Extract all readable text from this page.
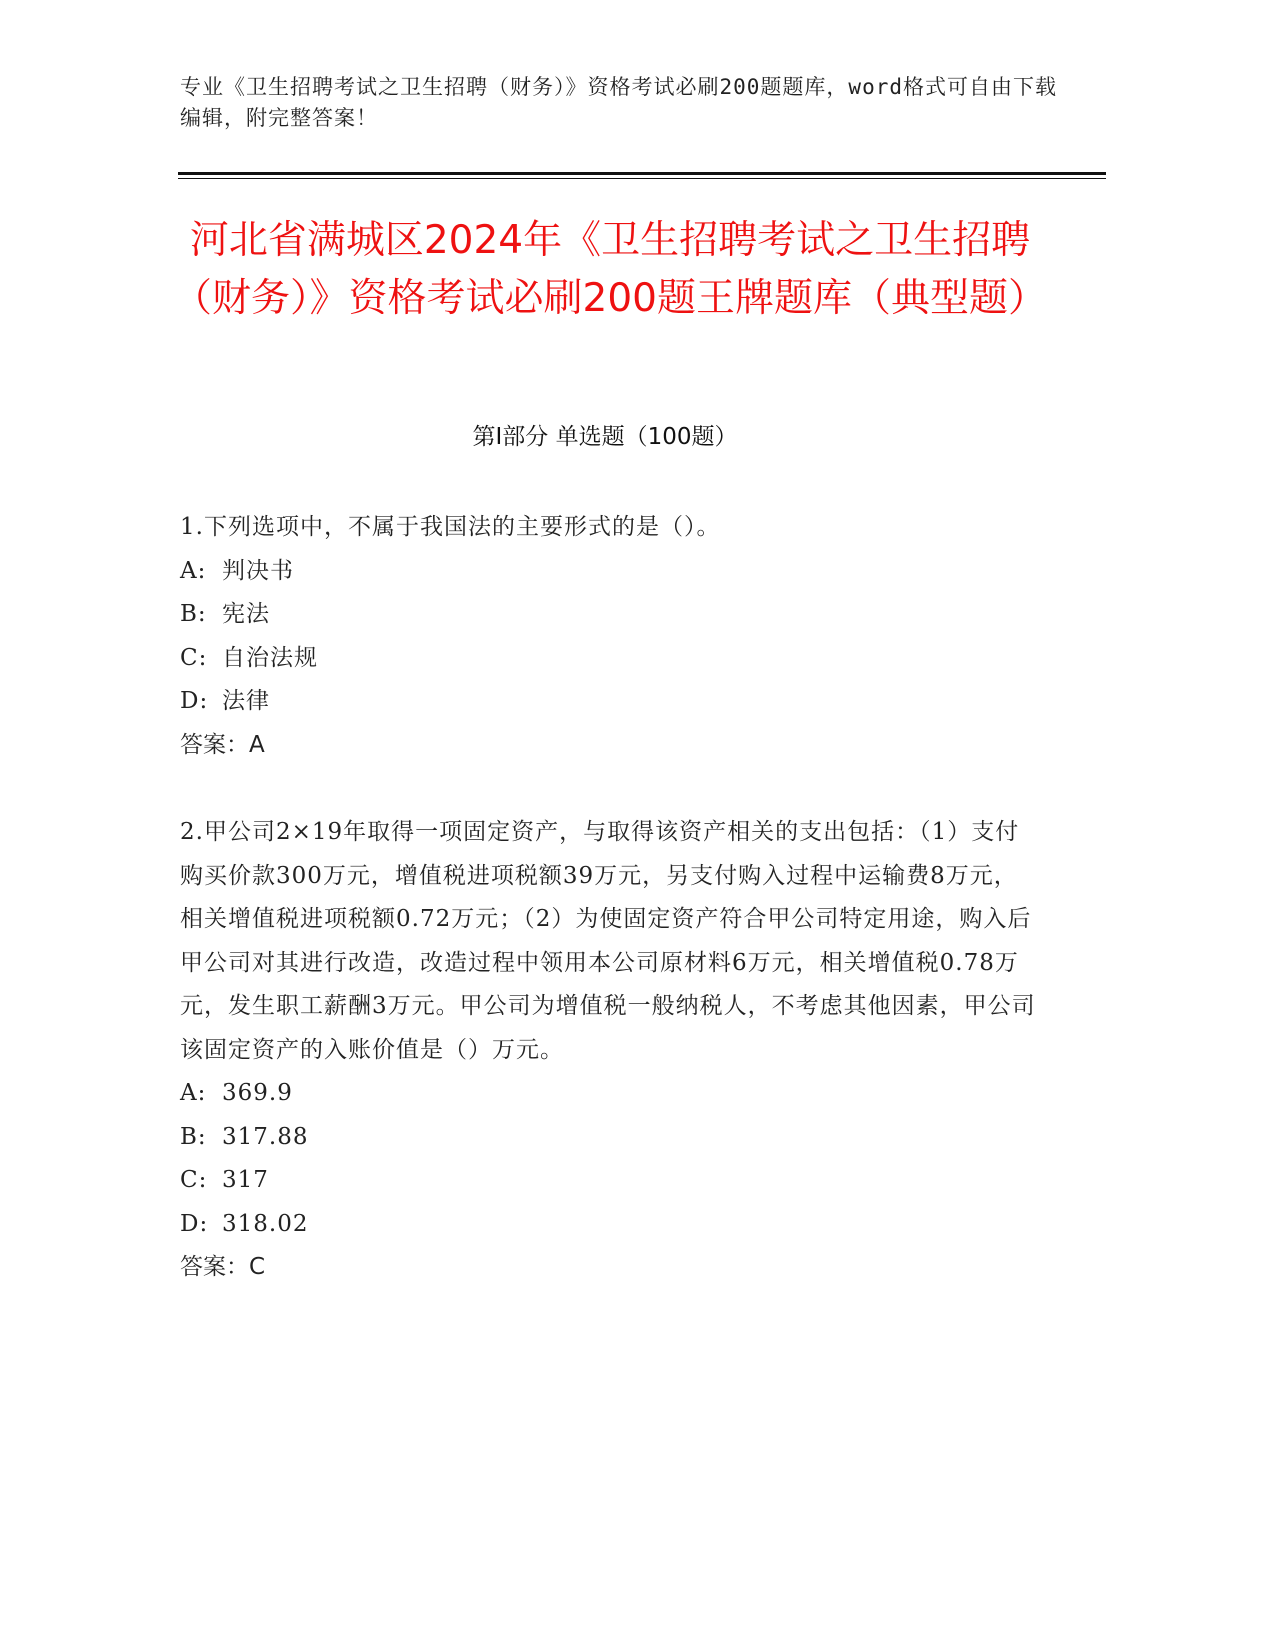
专业《卫生招聘考试之卫生招聘（财务）》资格考试必刷200题题库，word格式可自由下载编辑，附完整答案！
河北省满城区2024年《卫生招聘考试之卫生招聘（财务）》资格考试必刷200题王牌题库（典型题）
第Ⅰ部分 单选题（100题）
1.下列选项中，不属于我国法的主要形式的是（）。
A: 判决书
B: 宪法
C: 自治法规
D: 法律
答案：A
2.甲公司2×19年取得一项固定资产，与取得该资产相关的支出包括：（1）支付购买价款300万元，增值税进项税额39万元，另支付购入过程中运输费8万元，相关增值税进项税额0.72万元；（2）为使固定资产符合甲公司特定用途，购入后甲公司对其进行改造，改造过程中领用本公司原材料6万元，相关增值税0.78万元，发生职工薪酬3万元。甲公司为增值税一般纳税人，不考虑其他因素，甲公司该固定资产的入账价值是（）万元。
A: 369.9
B: 317.88
C: 317
D: 318.02
答案：C
